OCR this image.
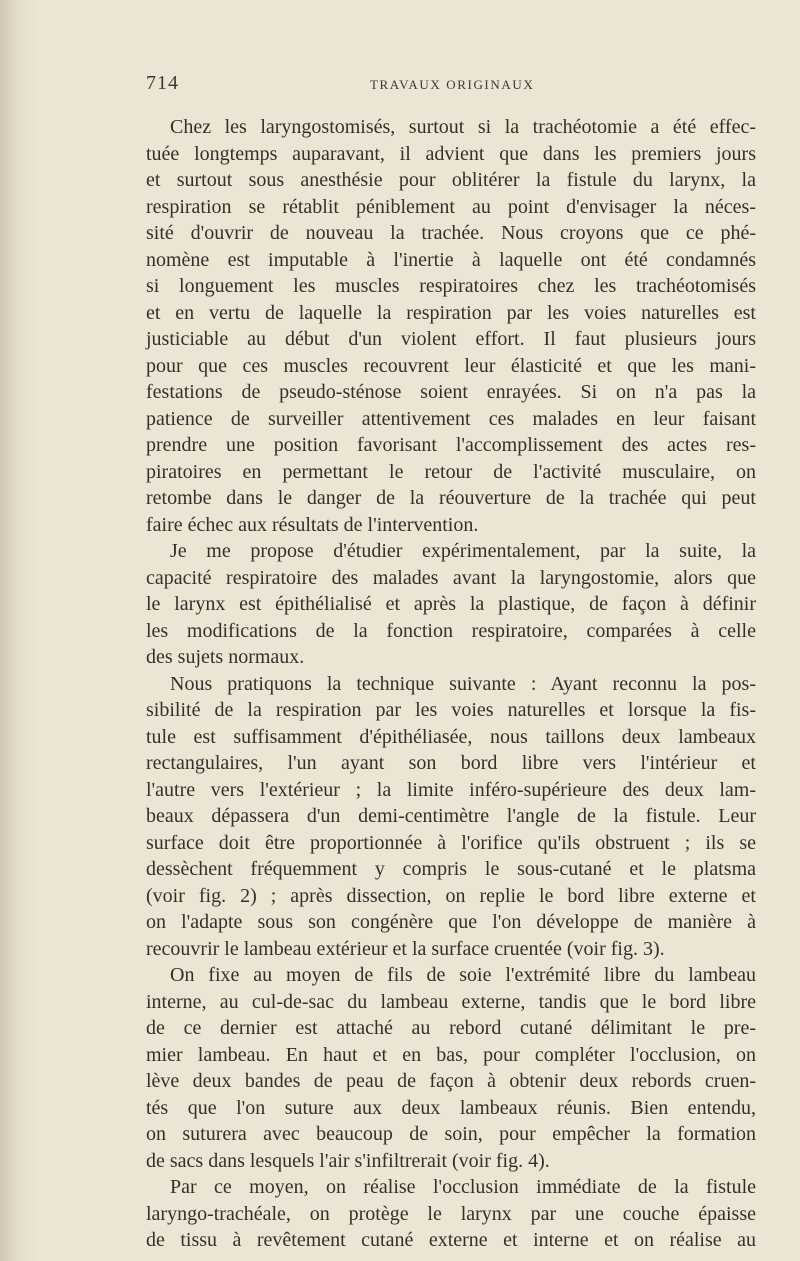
714	TRAVAUX ORIGINAUX
Chez les laryngostomisés, surtout si la trachéotomie a été effec-
tuée longtemps auparavant, il advient que dans les premiers jours
et surtout sous anesthésie pour oblitérer la fistule du larynx, la
respiration se rétablit péniblement au point d'envisager la néces-
sité d'ouvrir de nouveau la trachée. Nous croyons que ce phé-
nomène est imputable à l'inertie à laquelle ont été condamnés
si longuement les muscles respiratoires chez les trachéotomisés
et en vertu de laquelle la respiration par les voies naturelles est
justiciable au début d'un violent effort. Il faut plusieurs jours
pour que ces muscles recouvrent leur élasticité et que les mani-
festations de pseudo-sténose soient enrayées. Si on n'a pas la
patience de surveiller attentivement ces malades en leur faisant
prendre une position favorisant l'accomplissement des actes res-
piratoires en permettant le retour de l'activité musculaire, on
retombe dans le danger de la réouverture de la trachée qui peut
faire échec aux résultats de l'intervention.
Je me propose d'étudier expérimentalement, par la suite, la
capacité respiratoire des malades avant la laryngostomie, alors que
le larynx est épithélialisé et après la plastique, de façon à définir
les modifications de la fonction respiratoire, comparées à celle
des sujets normaux.
Nous pratiquons la technique suivante : Ayant reconnu la pos-
sibilité de la respiration par les voies naturelles et lorsque la fis-
tule est suffisamment d'épithéliasée, nous taillons deux lambeaux
rectangulaires, l'un ayant son bord libre vers l'intérieur et
l'autre vers l'extérieur ; la limite inféro-supérieure des deux lam-
beaux dépassera d'un demi-centimètre l'angle de la fistule. Leur
surface doit être proportionnée à l'orifice qu'ils obstruent ; ils se
dessèchent fréquemment y compris le sous-cutané et le platsma
(voir fig. 2) ; après dissection, on replie le bord libre externe et
on l'adapte sous son congénère que l'on développe de manière à
recouvrir le lambeau extérieur et la surface cruentée (voir fig. 3).
On fixe au moyen de fils de soie l'extrémité libre du lambeau
interne, au cul-de-sac du lambeau externe, tandis que le bord libre
de ce dernier est attaché au rebord cutané délimitant le pre-
mier lambeau. En haut et en bas, pour compléter l'occlusion, on
lève deux bandes de peau de façon à obtenir deux rebords cruen-
tés que l'on suture aux deux lambeaux réunis. Bien entendu,
on suturera avec beaucoup de soin, pour empêcher la formation
de sacs dans lesquels l'air s'infiltrerait (voir fig. 4).
Par ce moyen, on réalise l'occlusion immédiate de la fistule
laryngo-trachéale, on protège le larynx par une couche épaisse
de tissu à revêtement cutané externe et interne et on réalise au
